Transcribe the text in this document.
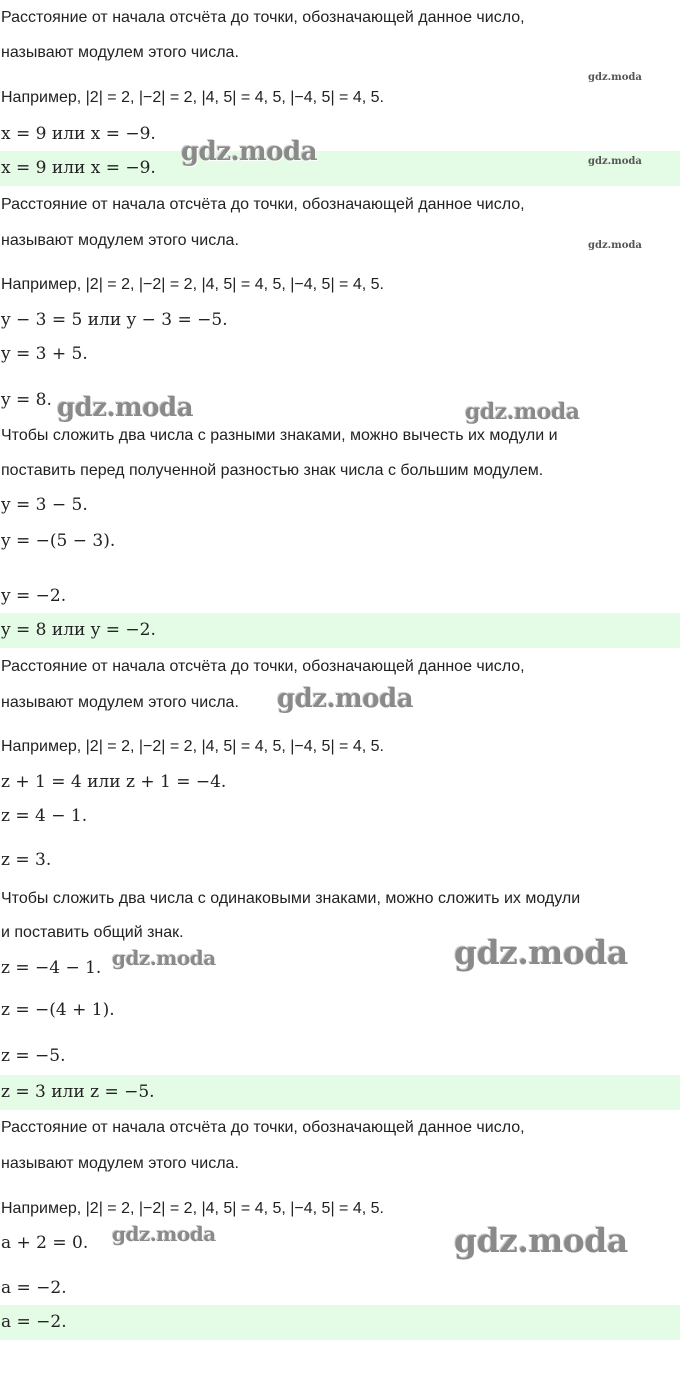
Расстояние от начала отсчёта до точки, обозначающей данное число,
называют модулем этого числа.
Например, |2| = 2, |−2| = 2, |4, 5| = 4, 5, |−4, 5| = 4, 5.
x = 9 или x = −9.
x = 9 или x = −9.
Расстояние от начала отсчёта до точки, обозначающей данное число,
называют модулем этого числа.
Например, |2| = 2, |−2| = 2, |4, 5| = 4, 5, |−4, 5| = 4, 5.
y − 3 = 5 или y − 3 = −5.
y = 3 + 5.
y = 8.
Чтобы сложить два числа с разными знаками, можно вычесть их модули и
поставить перед полученной разностью знак числа с большим модулем.
y = 3 − 5.
y = −(5 − 3).
y = −2.
y = 8 или y = −2.
Расстояние от начала отсчёта до точки, обозначающей данное число,
называют модулем этого числа.
Например, |2| = 2, |−2| = 2, |4, 5| = 4, 5, |−4, 5| = 4, 5.
z + 1 = 4 или z + 1 = −4.
z = 4 − 1.
z = 3.
Чтобы сложить два числа с одинаковыми знаками, можно сложить их модули
и поставить общий знак.
z = −4 − 1.
z = −(4 + 1).
z = −5.
z = 3 или z = −5.
Расстояние от начала отсчёта до точки, обозначающей данное число,
называют модулем этого числа.
Например, |2| = 2, |−2| = 2, |4, 5| = 4, 5, |−4, 5| = 4, 5.
a + 2 = 0.
a = −2.
a = −2.
gdz.moda
gdz.moda
gdz.moda
gdz.moda
gdz.moda	gdz.moda
gdz.moda
gdz.moda
gdz.moda
gdz.moda	gdz.moda
